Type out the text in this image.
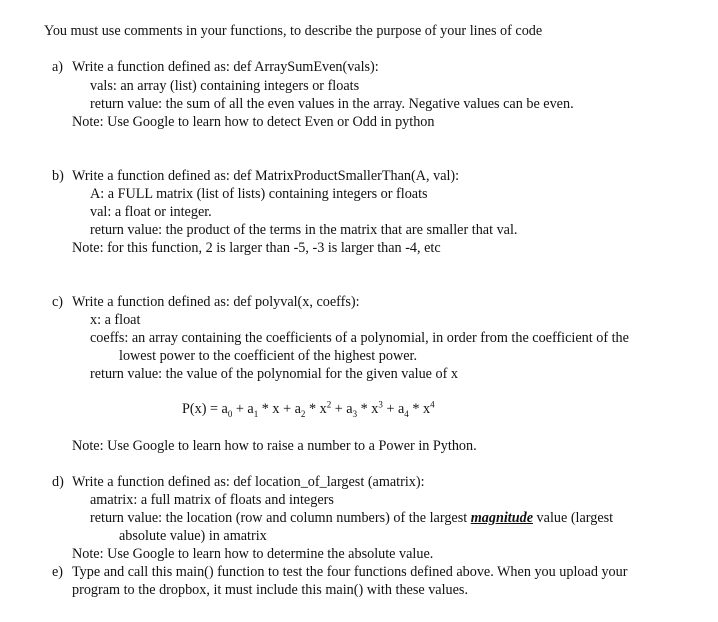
You must use comments in your functions, to describe the purpose of your lines of code
a) Write a function defined as: def ArraySumEven(vals):
vals: an array (list) containing integers or floats
return value: the sum of all the even values in the array. Negative values can be even.
Note: Use Google to learn how to detect Even or Odd in python
b) Write a function defined as: def MatrixProductSmallerThan(A, val):
A: a FULL matrix (list of lists) containing integers or floats
val: a float or integer.
return value: the product of the terms in the matrix that are smaller that val.
Note: for this function, 2 is larger than -5, -3 is larger than -4, etc
c) Write a function defined as: def polyval(x, coeffs):
x: a float
coeffs: an array containing the coefficients of a polynomial, in order from the coefficient of the
lowest power to the coefficient of the highest power.
return value: the value of the polynomial for the given value of x
$P(x) = a_0 + a_1 * x + a_2 * x^2 + a_3 * x^3 + a_4 * x^4$
Note: Use Google to learn how to raise a number to a Power in Python.
d) Write a function defined as: def location_of_largest (amatrix):
amatrix: a full matrix of floats and integers
return value: the location (row and column numbers) of the largest magnitude value (largest
absolute value) in amatrix
Note: Use Google to learn how to determine the absolute value.
e) Type and call this main() function to test the four functions defined above. When you upload your
program to the dropbox, it must include this main() with these values.
